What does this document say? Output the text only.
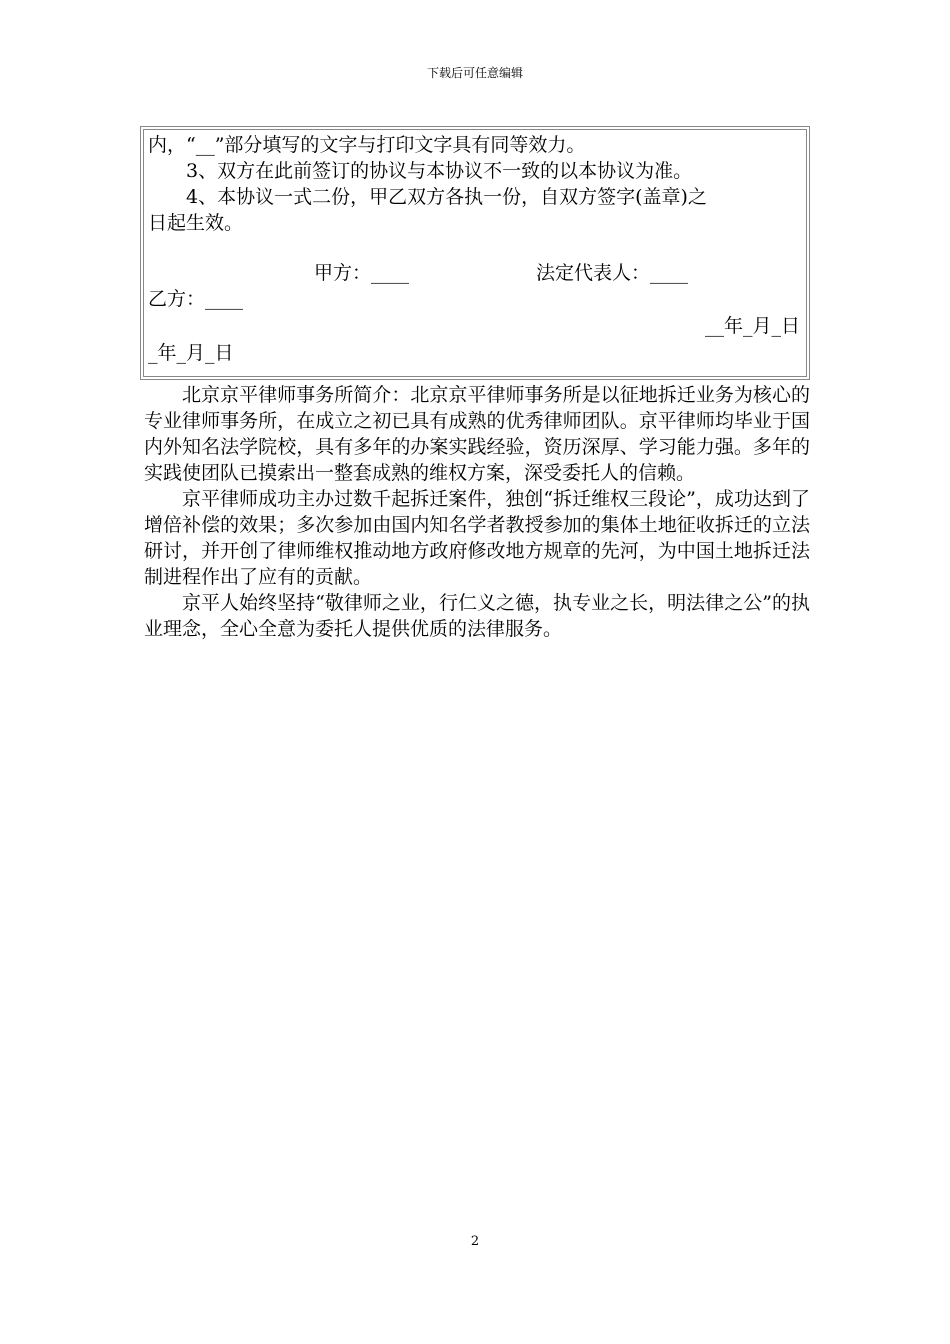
下载后可任意编辑
内，“__”部分填写的文字与打印文字具有同等效力。
3、双方在此前签订的协议与本协议不一致的以本协议为准。
4、本协议一式二份，甲乙双方各执一份，自双方签字(盖章)之
日起生效。
甲方：____	法定代表人：____
乙方：____
__年_月_日
_年_月_日

北京京平律师事务所简介：北京京平律师事务所是以征地拆迁业务为核心的专业律师事务所，在成立之初已具有成熟的优秀律师团队。京平律师均毕业于国内外知名法学院校，具有多年的办案实践经验，资历深厚、学习能力强。多年的实践使团队已摸索出一整套成熟的维权方案，深受委托人的信赖。

京平律师成功主办过数千起拆迁案件，独创“拆迁维权三段论”，成功达到了增倍补偿的效果；多次参加由国内知名学者教授参加的集体土地征收拆迁的立法研讨，并开创了律师维权推动地方政府修改地方规章的先河，为中国土地拆迁法制进程作出了应有的贡献。

京平人始终坚持“敬律师之业，行仁义之德，执专业之长，明法律之公”的执业理念，全心全意为委托人提供优质的法律服务。

2
